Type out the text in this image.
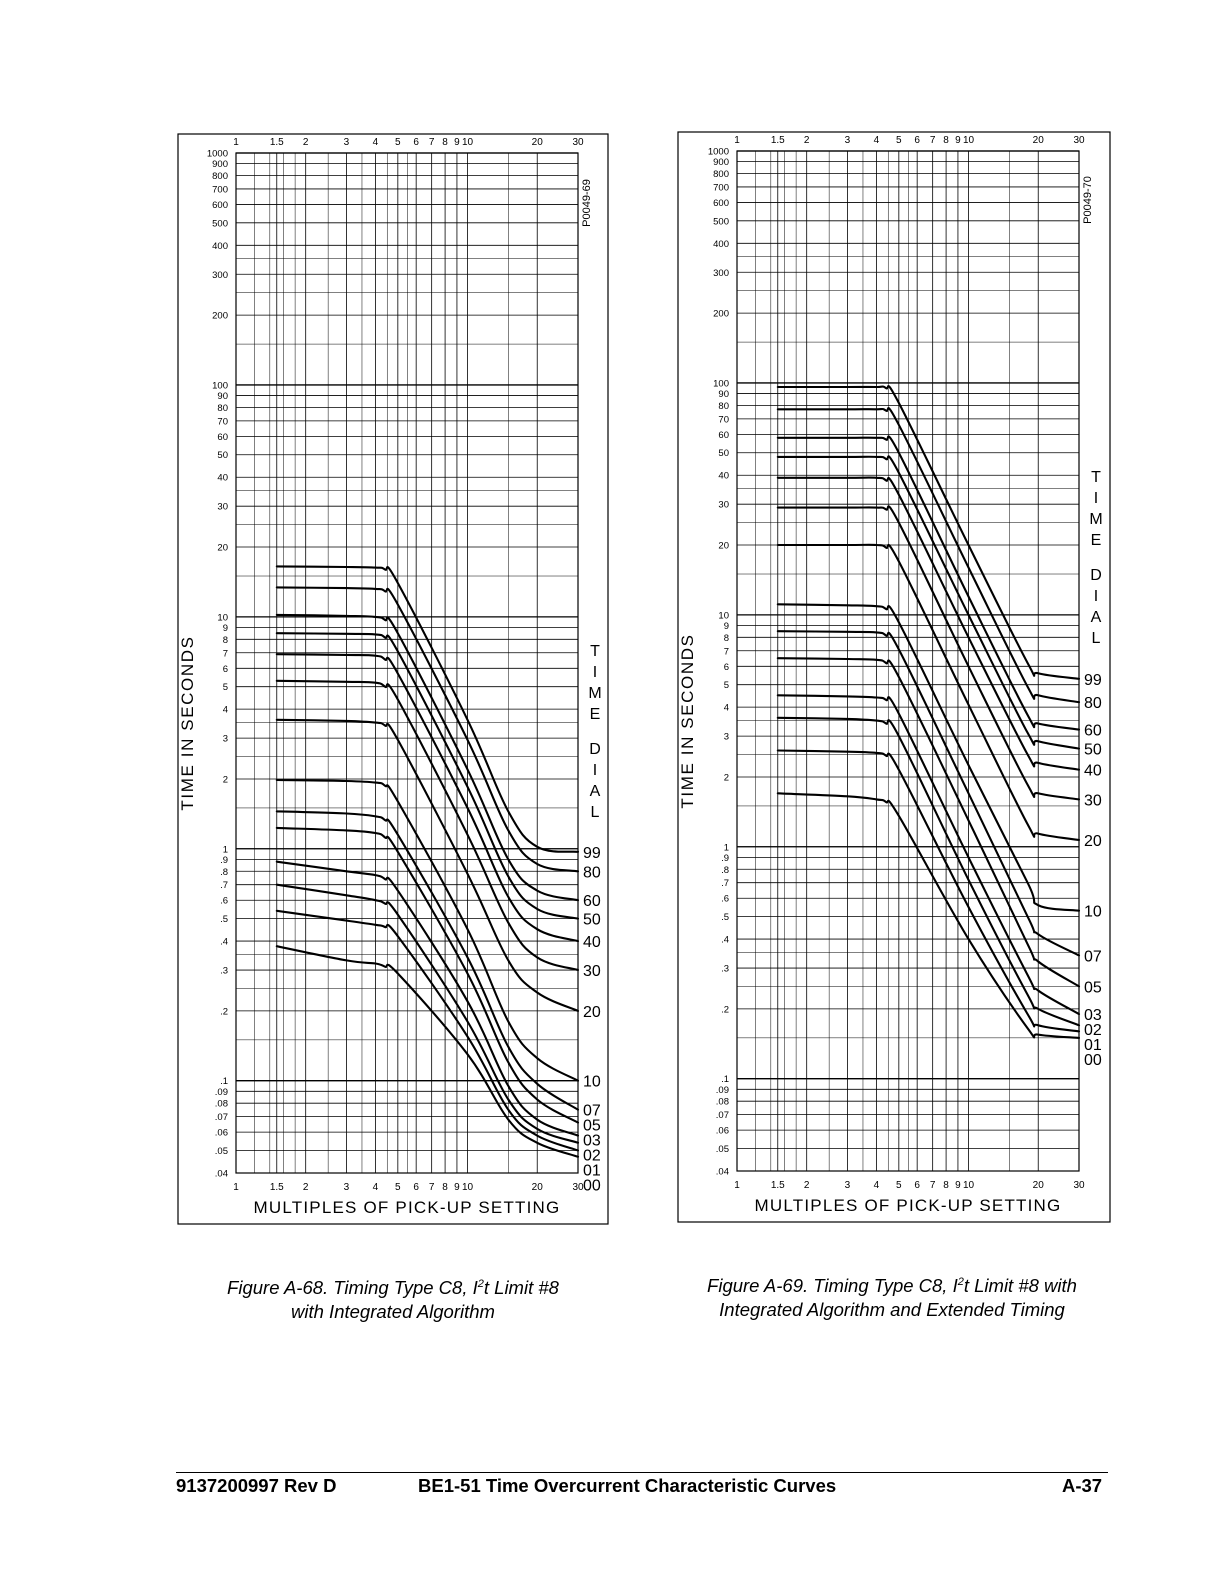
1
1
1.5
1.5
2
2
3
3
4
4
5
5
6
6
7
7
8
8
9
9
10
10
20
20
30
30
1000
900
800
700
600
500
400
300
200
100
90
80
70
60
50
40
30
20
10
9
8
7
6
5
4
3
2
1
.9
.8
.7
.6
.5
.4
.3
.2
.1
.09
.08
.07
.06
.05
.04
MULTIPLES OF PICK-UP SETTING
TIME IN SECONDS
P0049-69
T
I
M
E
D
I
A
L
99
80
60
50
40
30
20
10
07
05
03
02
01
00
1
1
1.5
1.5
2
2
3
3
4
4
5
5
6
6
7
7
8
8
9
9
10
10
20
20
30
30
1000
900
800
700
600
500
400
300
200
100
90
80
70
60
50
40
30
20
10
9
8
7
6
5
4
3
2
1
.9
.8
.7
.6
.5
.4
.3
.2
.1
.09
.08
.07
.06
.05
.04
MULTIPLES OF PICK-UP SETTING
TIME IN SECONDS
P0049-70
T
I
M
E
D
I
A
L
99
80
60
50
40
30
20
10
07
05
03
02
01
00
Figure A-68. Timing Type C8, $I^2t$ Limit #8
with Integrated Algorithm
Figure A-69. Timing Type C8, $I^2t$ Limit #8 with
Integrated Algorithm and Extended Timing
9137200997 Rev D	BE1-51 Time Overcurrent Characteristic Curves	A-37
